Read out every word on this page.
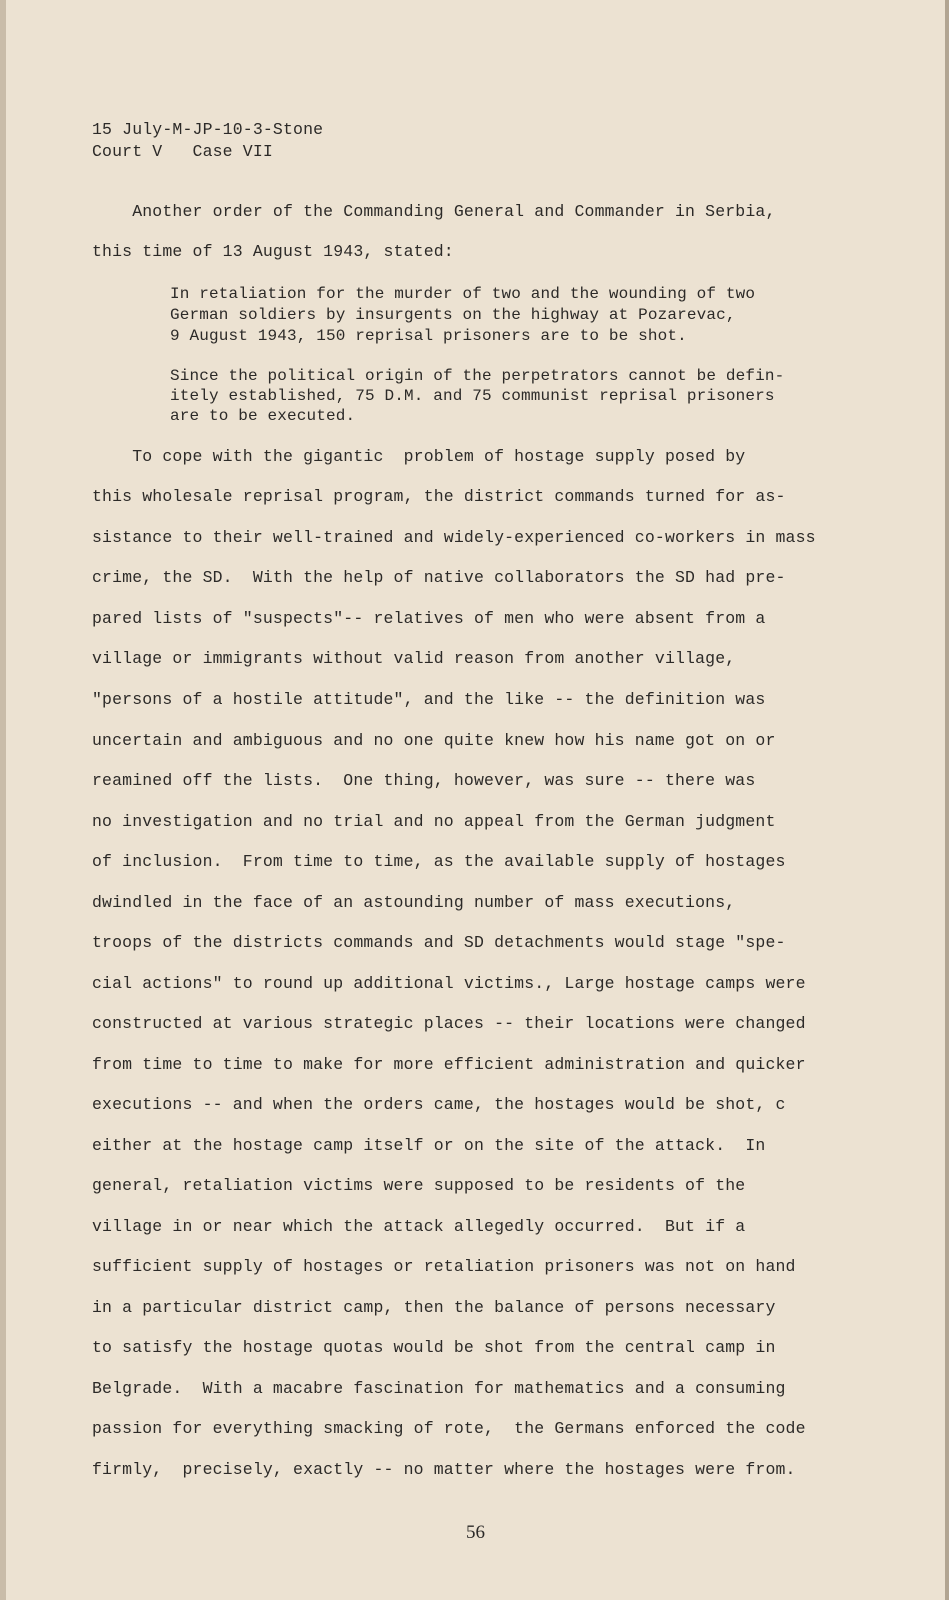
15 July-M-JP-10-3-Stone
Court V   Case VII
Another order of the Commanding General and Commander in Serbia,
this time of 13 August 1943, stated:
In retaliation for the murder of two and the wounding of two
German soldiers by insurgents on the highway at Pozarevac,
9 August 1943, 150 reprisal prisoners are to be shot.
Since the political origin of the perpetrators cannot be defin-
itely established, 75 D.M. and 75 communist reprisal prisoners
are to be executed.
To cope with the gigantic  problem of hostage supply posed by
this wholesale reprisal program, the district commands turned for as-
sistance to their well-trained and widely-experienced co-workers in mass
crime, the SD.  With the help of native collaborators the SD had pre-
pared lists of "suspects"-- relatives of men who were absent from a
village or immigrants without valid reason from another village,
"persons of a hostile attitude", and the like -- the definition was
uncertain and ambiguous and no one quite knew how his name got on or
reamined off the lists.  One thing, however, was sure -- there was
no investigation and no trial and no appeal from the German judgment
of inclusion.  From time to time, as the available supply of hostages
dwindled in the face of an astounding number of mass executions,
troops of the districts commands and SD detachments would stage "spe-
cial actions" to round up additional victims., Large hostage camps were
constructed at various strategic places -- their locations were changed
from time to time to make for more efficient administration and quicker
executions -- and when the orders came, the hostages would be shot, c
either at the hostage camp itself or on the site of the attack.  In
general, retaliation victims were supposed to be residents of the
village in or near which the attack allegedly occurred.  But if a
sufficient supply of hostages or retaliation prisoners was not on hand
in a particular district camp, then the balance of persons necessary
to satisfy the hostage quotas would be shot from the central camp in
Belgrade.  With a macabre fascination for mathematics and a consuming
passion for everything smacking of rote,  the Germans enforced the code
firmly,  precisely, exactly -- no matter where the hostages were from.
56
